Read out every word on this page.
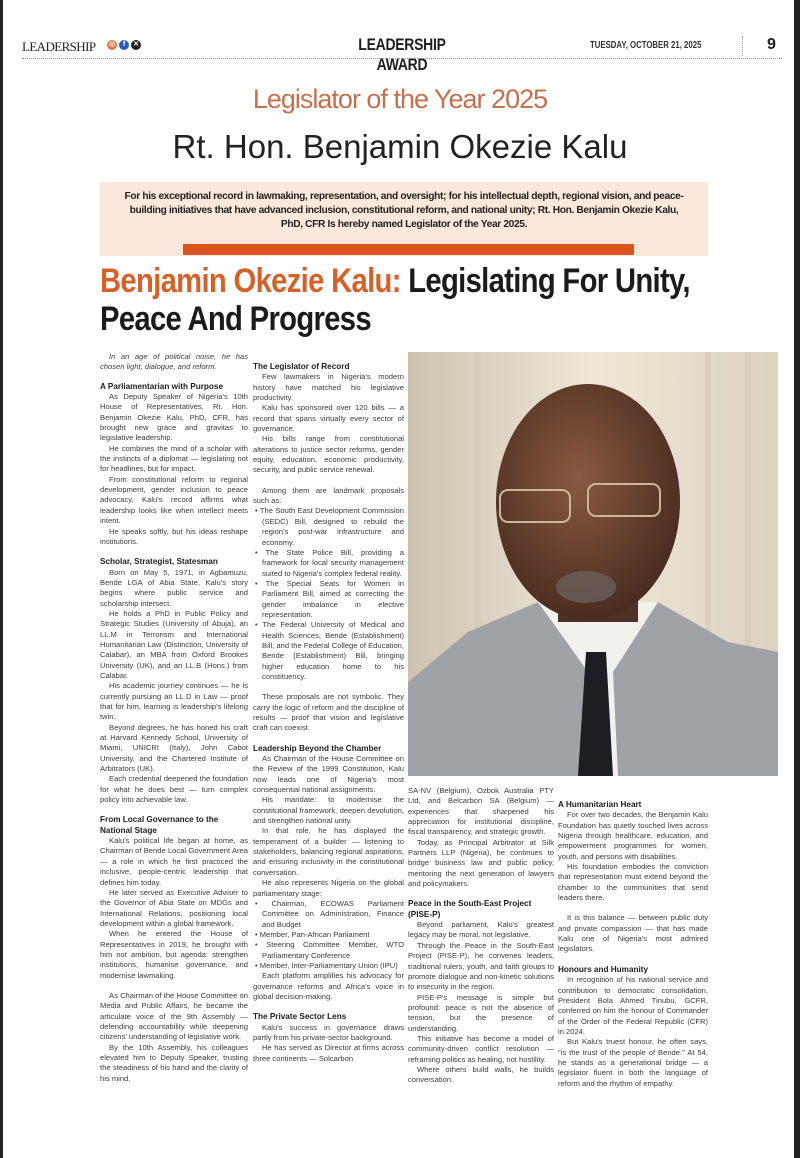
LEADERSHIP ◎	f	✕	LEADERSHIP AWARD
TUESDAY, OCTOBER 21, 2025	9
Legislator of the Year 2025
Rt. Hon. Benjamin Okezie Kalu
For his exceptional record in lawmaking, representation, and oversight; for his intellectual depth, regional vision, and peace-building initiatives that have advanced inclusion, constitutional reform, and national unity; Rt. Hon. Benjamin Okezie Kalu, PhD, CFR Is hereby named Legislator of the Year 2025.
Benjamin Okezie Kalu: Legislating For Unity,
Peace And Progress

In an age of political noise, he has chosen light, dialogue, and reform.

A Parliamentarian with Purpose

As Deputy Speaker of Nigeria's 10th House of Representatives, Rt. Hon. Benjamin Okezie Kalu, PhD, CFR, has brought new grace and gravitas to legislative leadership.

He combines the mind of a scholar with the instincts of a diplomat — legislating not for headlines, but for impact.

From constitutional reform to regional development, gender inclusion to peace advocacy, Kalu's record affirms what leadership looks like when intellect meets intent.

He speaks softly, but his ideas reshape institutions.

Scholar, Strategist, Statesman

Born on May 5, 1971, in Agbamuzu, Bende LGA of Abia State, Kalu's story begins where public service and scholarship intersect.

He holds a PhD in Public Policy and Strategic Studies (University of Abuja), an LL.M in Terrorism and International Humanitarian Law (Distinction, University of Calabar), an MBA from Oxford Brookes University (UK), and an LL.B (Hons.) from Calabar.

His academic journey continues — he is currently pursuing an LL.D in Law — proof that for him, learning is leadership's lifelong twin.

Beyond degrees, he has honed his craft at Harvard Kennedy School, University of Miami, UNICRI (Italy), John Cabot University, and the Chartered Institute of Arbitrators (UK).

Each credential deepened the foundation for what he does best — turn complex policy into achievable law.

From Local Governance to the National Stage

Kalu's political life began at home, as Chairman of Bende Local Government Area — a role in which he first practiced the inclusive, people-centric leadership that defines him today.

He later served as Executive Adviser to the Governor of Abia State on MDGs and International Relations, positioning local development within a global framework.

When he entered the House of Representatives in 2019, he brought with him not ambition, but agenda: strengthen institutions, humanise governance, and modernise lawmaking.

As Chairman of the House Committee on Media and Public Affairs, he became the articulate voice of the 9th Assembly — defending accountability while deepening citizens' understanding of legislative work.

By the 10th Assembly, his colleagues elevated him to Deputy Speaker, trusting the steadiness of his hand and the clarity of his mind.

The Legislator of Record

Few lawmakers in Nigeria's modern history have matched his legislative productivity.

Kalu has sponsored over 120 bills — a record that spans virtually every sector of governance.

His bills range from constitutional alterations to justice sector reforms, gender equity, education, economic productivity, security, and public service renewal.

Among them are landmark proposals such as:

• The South East Development Commission (SEDC) Bill, designed to rebuild the region's post-war infrastructure and economy.

• The State Police Bill, providing a framework for local security management suited to Nigeria's complex federal reality.

• The Special Seats for Women in Parliament Bill, aimed at correcting the gender imbalance in elective representation.

• The Federal University of Medical and Health Sciences, Bende (Establishment) Bill, and the Federal College of Education, Bende (Establishment) Bill, bringing higher education home to his constituency.

These proposals are not symbolic. They carry the logic of reform and the discipline of results — proof that vision and legislative craft can coexist.

Leadership Beyond the Chamber

As Chairman of the House Committee on the Review of the 1999 Constitution, Kalu now leads one of Nigeria's most consequential national assignments.

His mandate: to modernise the constitutional framework, deepen devolution, and strengthen national unity.

In that role, he has displayed the temperament of a builder — listening to stakeholders, balancing regional aspirations, and ensuring inclusivity in the constitutional conversation.

He also represents Nigeria on the global parliamentary stage:

• Chairman, ECOWAS Parliament Committee on Administration, Finance and Budget

• Member, Pan-African Parliament

• Steering Committee Member, WTO Parliamentary Conference

• Member, Inter-Parliamentary Union (IPU)

Each platform amplifies his advocacy for governance reforms and Africa's voice in global decision-making.

The Private Sector Lens

Kalu's success in governance draws partly from his private-sector background.

He has served as Director at firms across three continents — Solcarbon

SA-NV (Belgium), Ozbok Australia PTY Ltd, and Belcarbon SA (Belgium) — experiences that sharpened his appreciation for institutional discipline, fiscal transparency, and strategic growth.

Today, as Principal Arbitrator at Silk Partners LLP (Nigeria), he continues to bridge business law and public policy, mentoring the next generation of lawyers and policymakers.

Peace in the South-East Project (PISE-P)

Beyond parliament, Kalu's greatest legacy may be moral, not legislative.

Through the Peace in the South-East Project (PISE-P), he convenes leaders, traditional rulers, youth, and faith groups to promote dialogue and non-kinetic solutions to insecurity in the region.

PISE-P's message is simple but profound: peace is not the absence of tension, but the presence of understanding.

This initiative has become a model of community-driven conflict resolution — reframing politics as healing, not hostility.

Where others build walls, he builds conversation.

A Humanitarian Heart

For over two decades, the Benjamin Kalu Foundation has quietly touched lives across Nigeria through healthcare, education, and empowerment programmes for women, youth, and persons with disabilities.

His foundation embodies the conviction that representation must extend beyond the chamber to the communities that send leaders there.

It is this balance — between public duty and private compassion — that has made Kalu one of Nigeria's most admired legislators.

Honours and Humanity

In recognition of his national service and contribution to democratic consolidation, President Bola Ahmed Tinubu, GCFR, conferred on him the honour of Commander of the Order of the Federal Republic (CFR) in 2024.

But Kalu's truest honour, he often says, "is the trust of the people of Bende." At 54, he stands as a generational bridge — a legislator fluent in both the language of reform and the rhythm of empathy.
